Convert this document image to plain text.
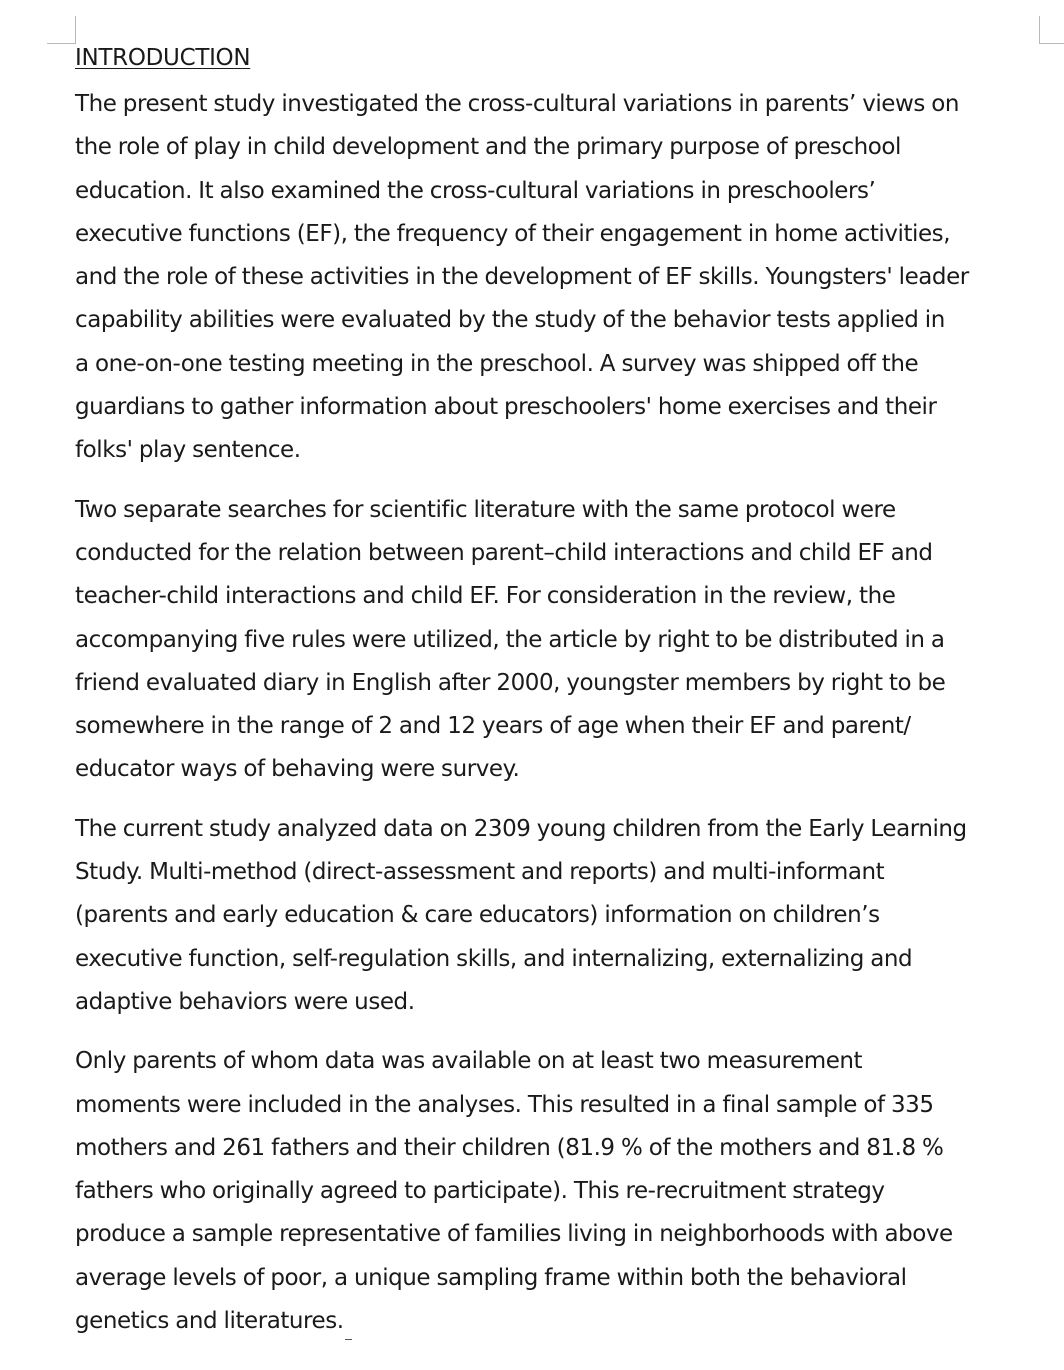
INTRODUCTION

The present study investigated the cross-cultural variations in parents’ views on
the role of play in child development and the primary purpose of preschool
education. It also examined the cross-cultural variations in preschoolers’
executive functions (EF), the frequency of their engagement in home activities,
and the role of these activities in the development of EF skills. Youngsters' leader
capability abilities were evaluated by the study of the behavior tests applied in
a one-on-one testing meeting in the preschool. A survey was shipped off the
guardians to gather information about preschoolers' home exercises and their
folks' play sentence.

Two separate searches for scientific literature with the same protocol were
conducted for the relation between parent–child interactions and child EF and
teacher-child interactions and child EF. For consideration in the review, the
accompanying five rules were utilized, the article by right to be distributed in a
friend evaluated diary in English after 2000, youngster members by right to be
somewhere in the range of 2 and 12 years of age when their EF and parent/
educator ways of behaving were survey.

The current study analyzed data on 2309 young children from the Early Learning
Study. Multi-method (direct-assessment and reports) and multi-informant
(parents and early education & care educators) information on children’s
executive function, self-regulation skills, and internalizing, externalizing and
adaptive behaviors were used.

Only parents of whom data was available on at least two measurement
moments were included in the analyses. This resulted in a final sample of 335
mothers and 261 fathers and their children (81.9 % of the mothers and 81.8 %
fathers who originally agreed to participate). This re-recruitment strategy
produce a sample representative of families living in neighborhoods with above
average levels of poor, a unique sampling frame within both the behavioral
genetics and literatures.
